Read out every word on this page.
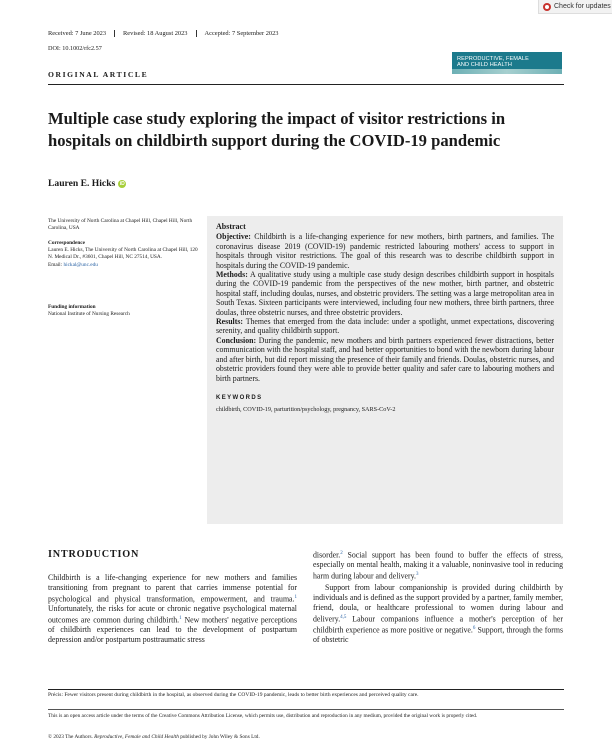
Check for updates
Received: 7 June 2023	Revised: 18 August 2023	Accepted: 7 September 2023
DOI: 10.1002/rfc2.57
REPRODUCTIVE, FEMALE AND CHILD HEALTH
ORIGINAL ARTICLE
Multiple case study exploring the impact of visitor restrictions in
hospitals on childbirth support during the COVID-19 pandemic
Lauren E. Hicks iD
The University of North Carolina at Chapel Hill, Chapel Hill, North Carolina, USA
Correspondence
Lauren E. Hicks, The University of North Carolina at Chapel Hill, 120 N. Medical Dr., #3601, Chapel Hill, NC 27514, USA.
Email: hickal@unc.edu
Funding information
National Institute of Nursing Research

Abstract

Objective: Childbirth is a life-changing experience for new mothers, birth partners, and families. The coronavirus disease 2019 (COVID-19) pandemic restricted labouring mothers' access to support in hospitals through visitor restrictions. The goal of this research was to describe childbirth support in hospitals during the COVID-19 pandemic.

Methods: A qualitative study using a multiple case study design describes childbirth support in hospitals during the COVID-19 pandemic from the perspectives of the new mother, birth partner, and obstetric hospital staff, including doulas, nurses, and obstetric providers. The setting was a large metropolitan area in South Texas. Sixteen participants were interviewed, including four new mothers, three birth partners, three doulas, three obstetric nurses, and three obstetric providers.

Results: Themes that emerged from the data include: under a spotlight, unmet expectations, discovering serenity, and quality childbirth support.

Conclusion: During the pandemic, new mothers and birth partners experienced fewer distractions, better communication with the hospital staff, and had better opportunities to bond with the newborn during labour and after birth, but did report missing the presence of their family and friends. Doulas, obstetric nurses, and obstetric providers found they were able to provide better quality and safer care to labouring mothers and birth partners.

KEYWORDS
childbirth, COVID-19, parturition/psychology, pregnancy, SARS-CoV-2
INTRODUCTION

Childbirth is a life-changing experience for new mothers and families transitioning from pregnant to parent that carries immense potential for psychological and physical transformation, empowerment, and trauma.$^1$ Unfortunately, the risks for acute or chronic negative psychological maternal outcomes are common during childbirth.$^1$ New mothers' negative perceptions of childbirth experiences can lead to the development of postpartum depression and/or postpartum posttraumatic stress

disorder.$^2$ Social support has been found to buffer the effects of stress, especially on mental health, making it a valuable, noninvasive tool in reducing harm during labour and delivery.$^3$

Support from labour companionship is provided during childbirth by individuals and is defined as the support provided by a partner, family member, friend, doula, or healthcare professional to women during labour and delivery.$^{4,5}$ Labour companions influence a mother's perception of her childbirth experience as more positive or negative.$^6$ Support, through the forms of obstetric

Précis: Fewer visitors present during childbirth in the hospital, as observed during the COVID-19 pandemic, leads to better birth experiences and perceived quality care.
This is an open access article under the terms of the Creative Commons Attribution License, which permits use, distribution and reproduction in any medium, provided the original work is properly cited.
© 2023 The Authors. Reproductive, Female and Child Health published by John Wiley & Sons Ltd.
